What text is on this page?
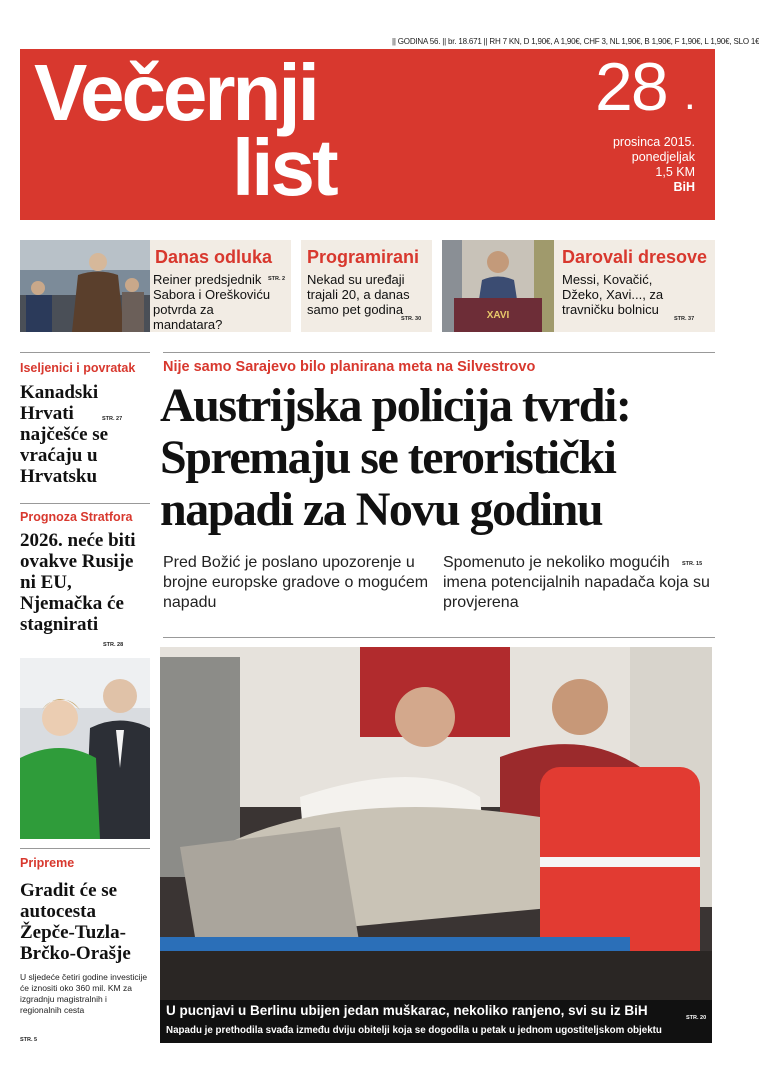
|| GODINA 56. || br. 18.671 || RH 7 KN, D 1,90€, A 1,90€, CHF 3, NL 1,90€, B 1,90€, F 1,90€, L 1,90€, SLO 1€
Večernji
list
28 .
prosinca 2015.
ponedjeljak
1,5 KM
BiH
Danas odluka
Reiner predsjednik Sabora i Oreškoviću potvrda za mandatara?
STR. 2
Programirani
Nekad su uređaji trajali 20, a danas samo pet godina
STR. 30	XAVI
Darovali dresove
Messi, Kovačić, Džeko, Xavi..., za travničku bolnicu
STR. 37
Iseljenici i povratak
Kanadski Hrvati najčešće se vraćaju u Hrvatsku
STR. 27
Prognoza Stratfora
2026. neće biti ovakve Rusije ni EU, Njemačka će stagnirati
STR. 28
Pripreme
Gradit će se autocesta Žepče-Tuzla-Brčko-Orašje
U sljedeće četiri godine investicije će iznositi oko 360 mil. KM za izgradnju magistralnih i regionalnih cesta
STR. 5
Nije samo Sarajevo bilo planirana meta na Silvestrovo
Austrijska policija tvrdi: Spremaju se teroristički napadi za Novu godinu
Pred Božić je poslano upozorenje u brojne europske gradove o mogućem napadu
Spomenuto je nekoliko mogućih imena potencijalnih napadača koja su provjerena
STR. 15
U pucnjavi u Berlinu ubijen jedan muškarac, nekoliko ranjeno, svi su iz BiH	STR. 20
Napadu je prethodila svađa između dviju obitelji koja se dogodila u petak u jednom ugostiteljskom objektu
